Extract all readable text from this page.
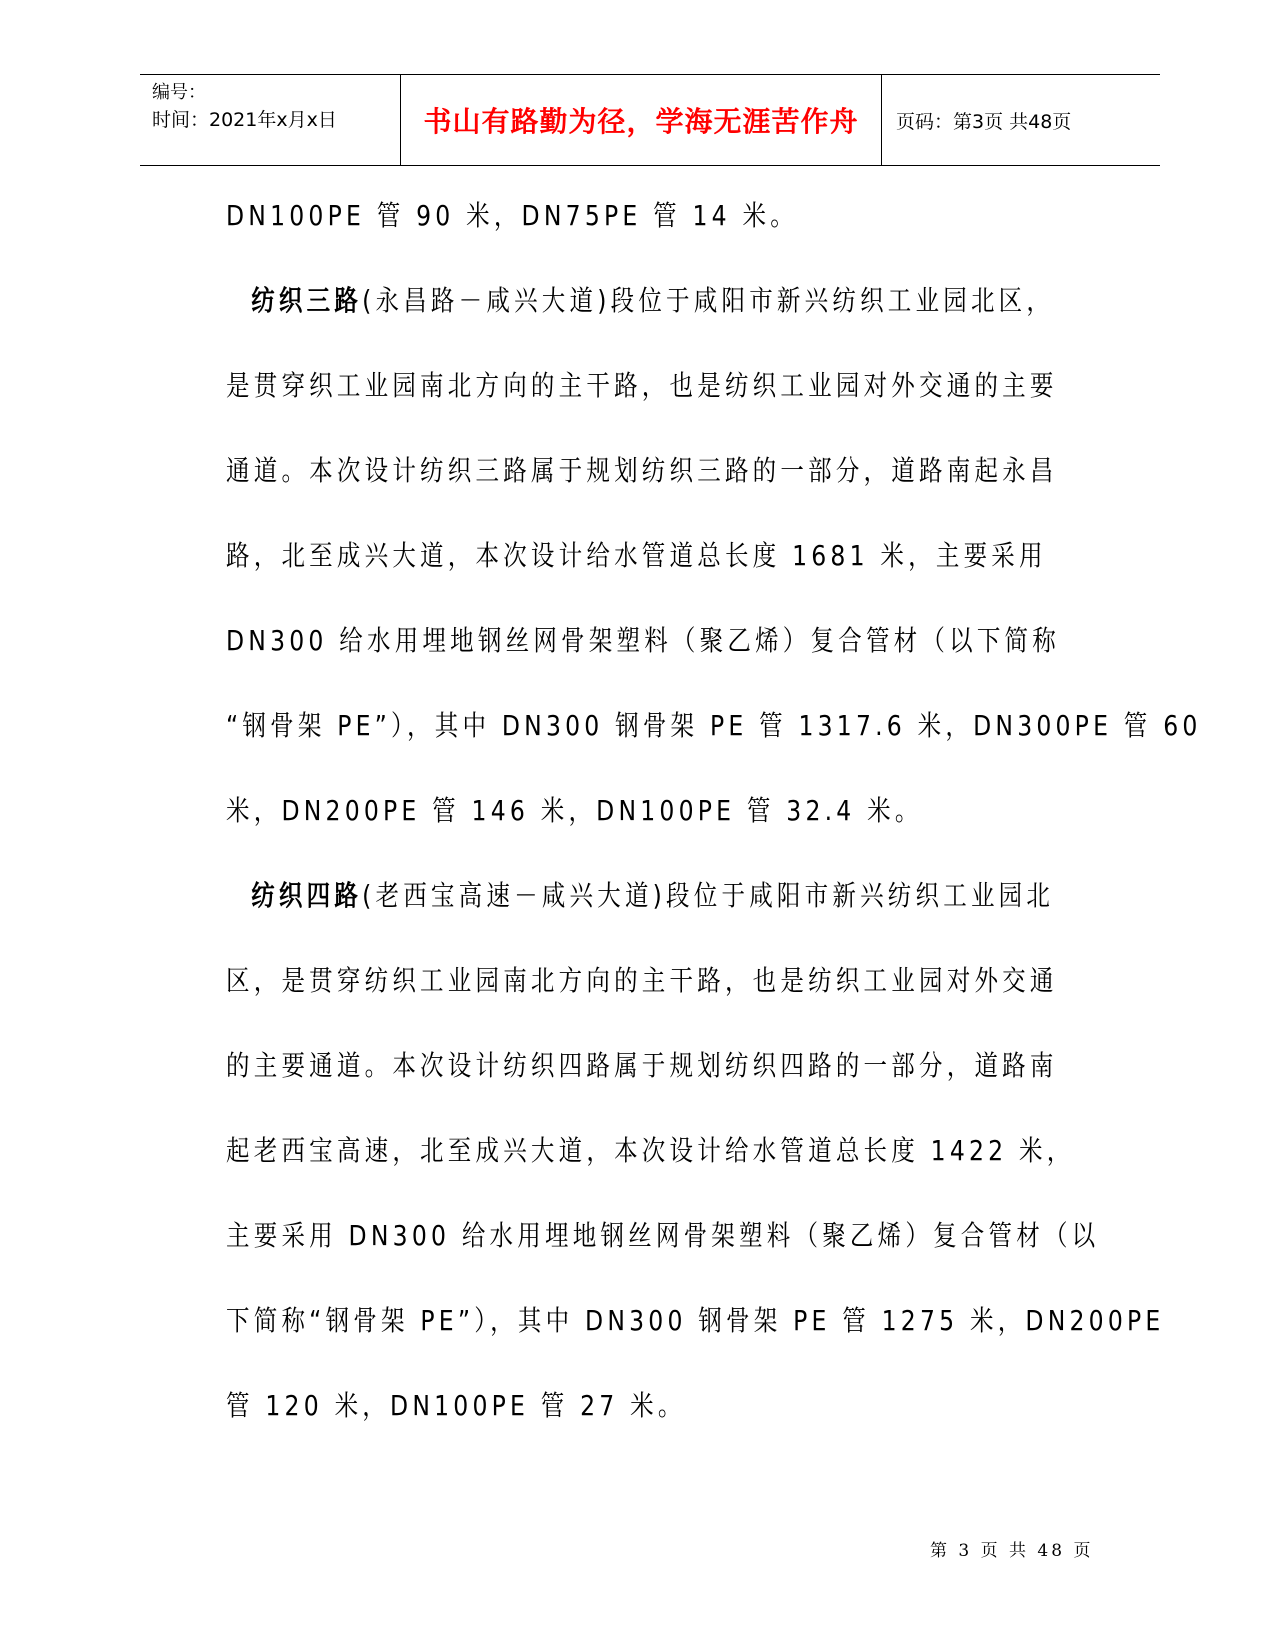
编号：
时间：2021年x月x日	书山有路勤为径，学海无涯苦作舟 页码：第3页 共48页
DN100PE 管 90 米，DN75PE 管 14 米。
纺织三路(永昌路－咸兴大道)段位于咸阳市新兴纺织工业园北区，
是贯穿织工业园南北方向的主干路，也是纺织工业园对外交通的主要
通道。本次设计纺织三路属于规划纺织三路的一部分，道路南起永昌
路，北至成兴大道，本次设计给水管道总长度 1681 米，主要采用
DN300 给水用埋地钢丝网骨架塑料（聚乙烯）复合管材（以下简称
“钢骨架 PE”），其中 DN300 钢骨架 PE 管 1317.6 米，DN300PE 管 60
米，DN200PE 管 146 米，DN100PE 管 32.4 米。
纺织四路(老西宝高速－咸兴大道)段位于咸阳市新兴纺织工业园北
区，是贯穿纺织工业园南北方向的主干路，也是纺织工业园对外交通
的主要通道。本次设计纺织四路属于规划纺织四路的一部分，道路南
起老西宝高速，北至成兴大道，本次设计给水管道总长度 1422 米，
主要采用 DN300 给水用埋地钢丝网骨架塑料（聚乙烯）复合管材（以
下简称“钢骨架 PE”），其中 DN300 钢骨架 PE 管 1275 米，DN200PE
管 120 米，DN100PE 管 27 米。
第 3 页 共 48 页
